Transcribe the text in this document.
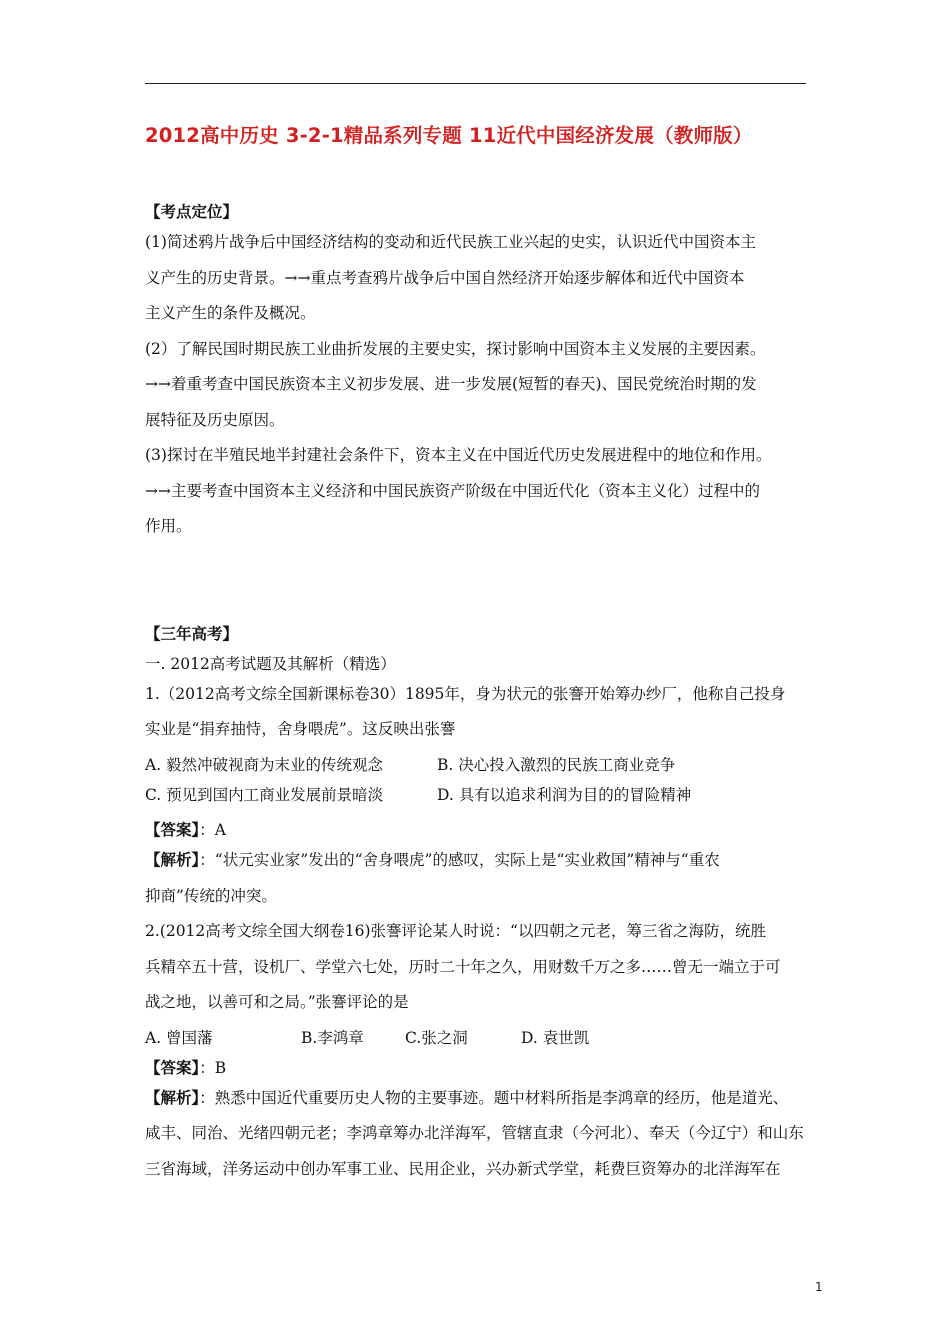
2012高中历史 3-2-1精品系列专题 11近代中国经济发展（教师版）
【考点定位】
(1)简述鸦片战争后中国经济结构的变动和近代民族工业兴起的史实，认识近代中国资本主
义产生的历史背景。→→重点考查鸦片战争后中国自然经济开始逐步解体和近代中国资本
主义产生的条件及概况。
(2）了解民国时期民族工业曲折发展的主要史实，探讨影响中国资本主义发展的主要因素。
→→着重考查中国民族资本主义初步发展、进一步发展(短暂的春天)、国民党统治时期的发
展特征及历史原因。
(3)探讨在半殖民地半封建社会条件下，资本主义在中国近代历史发展进程中的地位和作用。
→→主要考查中国资本主义经济和中国民族资产阶级在中国近代化（资本主义化）过程中的
作用。
【三年高考】
一. 2012高考试题及其解析（精选）
1.（2012高考文综全国新课标卷30）1895年，身为状元的张謇开始筹办纱厂，他称自己投身
实业是“捐弃抽恃，舍身喂虎”。这反映出张謇
A. 毅然冲破视商为末业的传统观念	B. 决心投入激烈的民族工商业竞争
C. 预见到国内工商业发展前景暗淡	D. 具有以追求利润为目的的冒险精神
【答案】：A
【解析】：“状元实业家”发出的“舍身喂虎”的感叹，实际上是“实业救国”精神与“重农
抑商”传统的冲突。
2.(2012高考文综全国大纲卷16)张謇评论某人时说：“以四朝之元老，筹三省之海防，统胜
兵精卒五十营，设机厂、学堂六七处，历时二十年之久，用财数千万之多……曾无一端立于可
战之地，以善可和之局。”张謇评论的是
A. 曾国藩	B.李鸿章	C.张之洞	D. 袁世凯
【答案】：B
【解析】：熟悉中国近代重要历史人物的主要事迹。题中材料所指是李鸿章的经历，他是道光、
咸丰、同治、光绪四朝元老；李鸿章筹办北洋海军，管辖直隶（今河北）、奉天（今辽宁）和山东
三省海域，洋务运动中创办军事工业、民用企业，兴办新式学堂，耗费巨资筹办的北洋海军在
1
